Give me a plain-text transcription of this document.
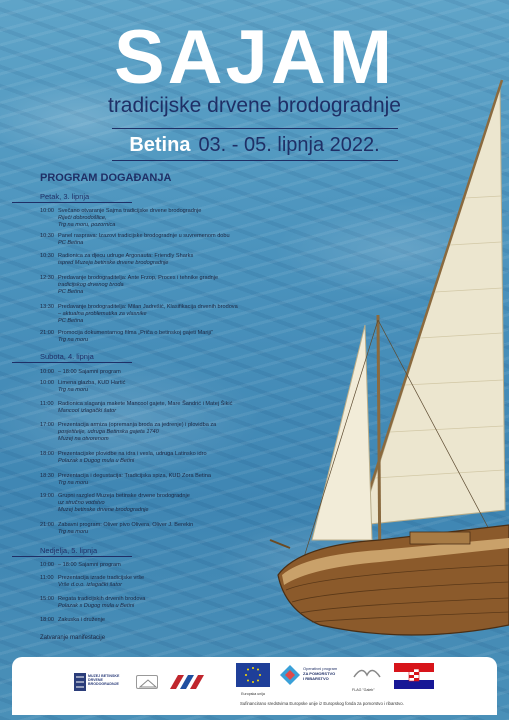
SAJAM
tradicijske drvene brodogradnje
Betina 03. - 05. lipnja 2022.
PROGRAM DOGAĐANJA
Petak, 3. lipnja
10:00 Svečano otvaranje Sajma tradicijske drvene brodogradnje
Riječi dobrodošlice,
Trg na moru, pozornica
10:30 Panel rasprava: Izazovi tradicijske brodogradnje u suvremenom dobu
PC Betina
10:30 Radionica za djecu udruge Argonauta: Friendly Sharks
ispred Muzeja betinske drvene brodogradnje
12:30 Predavanje brodograditelja: Ante Frzop, Proces i tehnike gradnje
tradicijskog drvenog broda
PC Betina
13:30 Predavanje brodograditelja: Milan Jadrešić, Klasifikacija drvenih brodova
– aktualna problematika za vlasnike
PC Betina
21:00 Promocija dokumentarnog filma „Priča o betinskoj gajeti Mariji“
Trg na moru
Subota, 4. lipnja
10:00 – 18:00 Sajamni program
10:00 Limena glazba, KUD Hartić
Trg na moru
11:00 Radionica slaganja makete Mancool gajete, Mare Šandrić i Matej Šikić
Mancool izlagački šator
17:00 Prezentacija armiza (opremanja broda za jedrenje) i plovidba za
posjetitelje, udruga Betinska gajeta 1740
Muzej na otvorenom
18:00 Prezentacijske plovidbe na idra i vesla, udruga Latinsko idro
Polazak s Dugog mula u Betini
18:30 Prezentacija i degustacija: Tradicijska spiza, KUD Zora Betina
Trg na moru
19:00 Grupni razgled Muzeja betinske drvene brodogradnje
uz stručno vodstvo
Muzej betinske drvene brodogradnje
21:00 Zabavni program: Oliver pivo Olivera, Oliver J. Berekin
Trg na moru
Nedjelja, 5. lipnja
10:00 – 18:00 Sajamni program
11:00 Prezentacija izrade tradicijske vrše
Vrše d.o.o. izlagački šator
15:00 Regata tradicijskih drvenih brodova
Polazak s Dugog mula u Betini
18:00 Zakuska i druženje
Zatvaranje manifestacije
MUZEJ BETINSKE DRVENE BRODOGRADNJE
Europska unija
Operativni program
ZA POMORSTVO
I RIBARSTVO
FLAG "Galeb"
Sufinancirano sredstvima Europske unije iz Europskog fonda za pomorstvo i ribarstvo.
